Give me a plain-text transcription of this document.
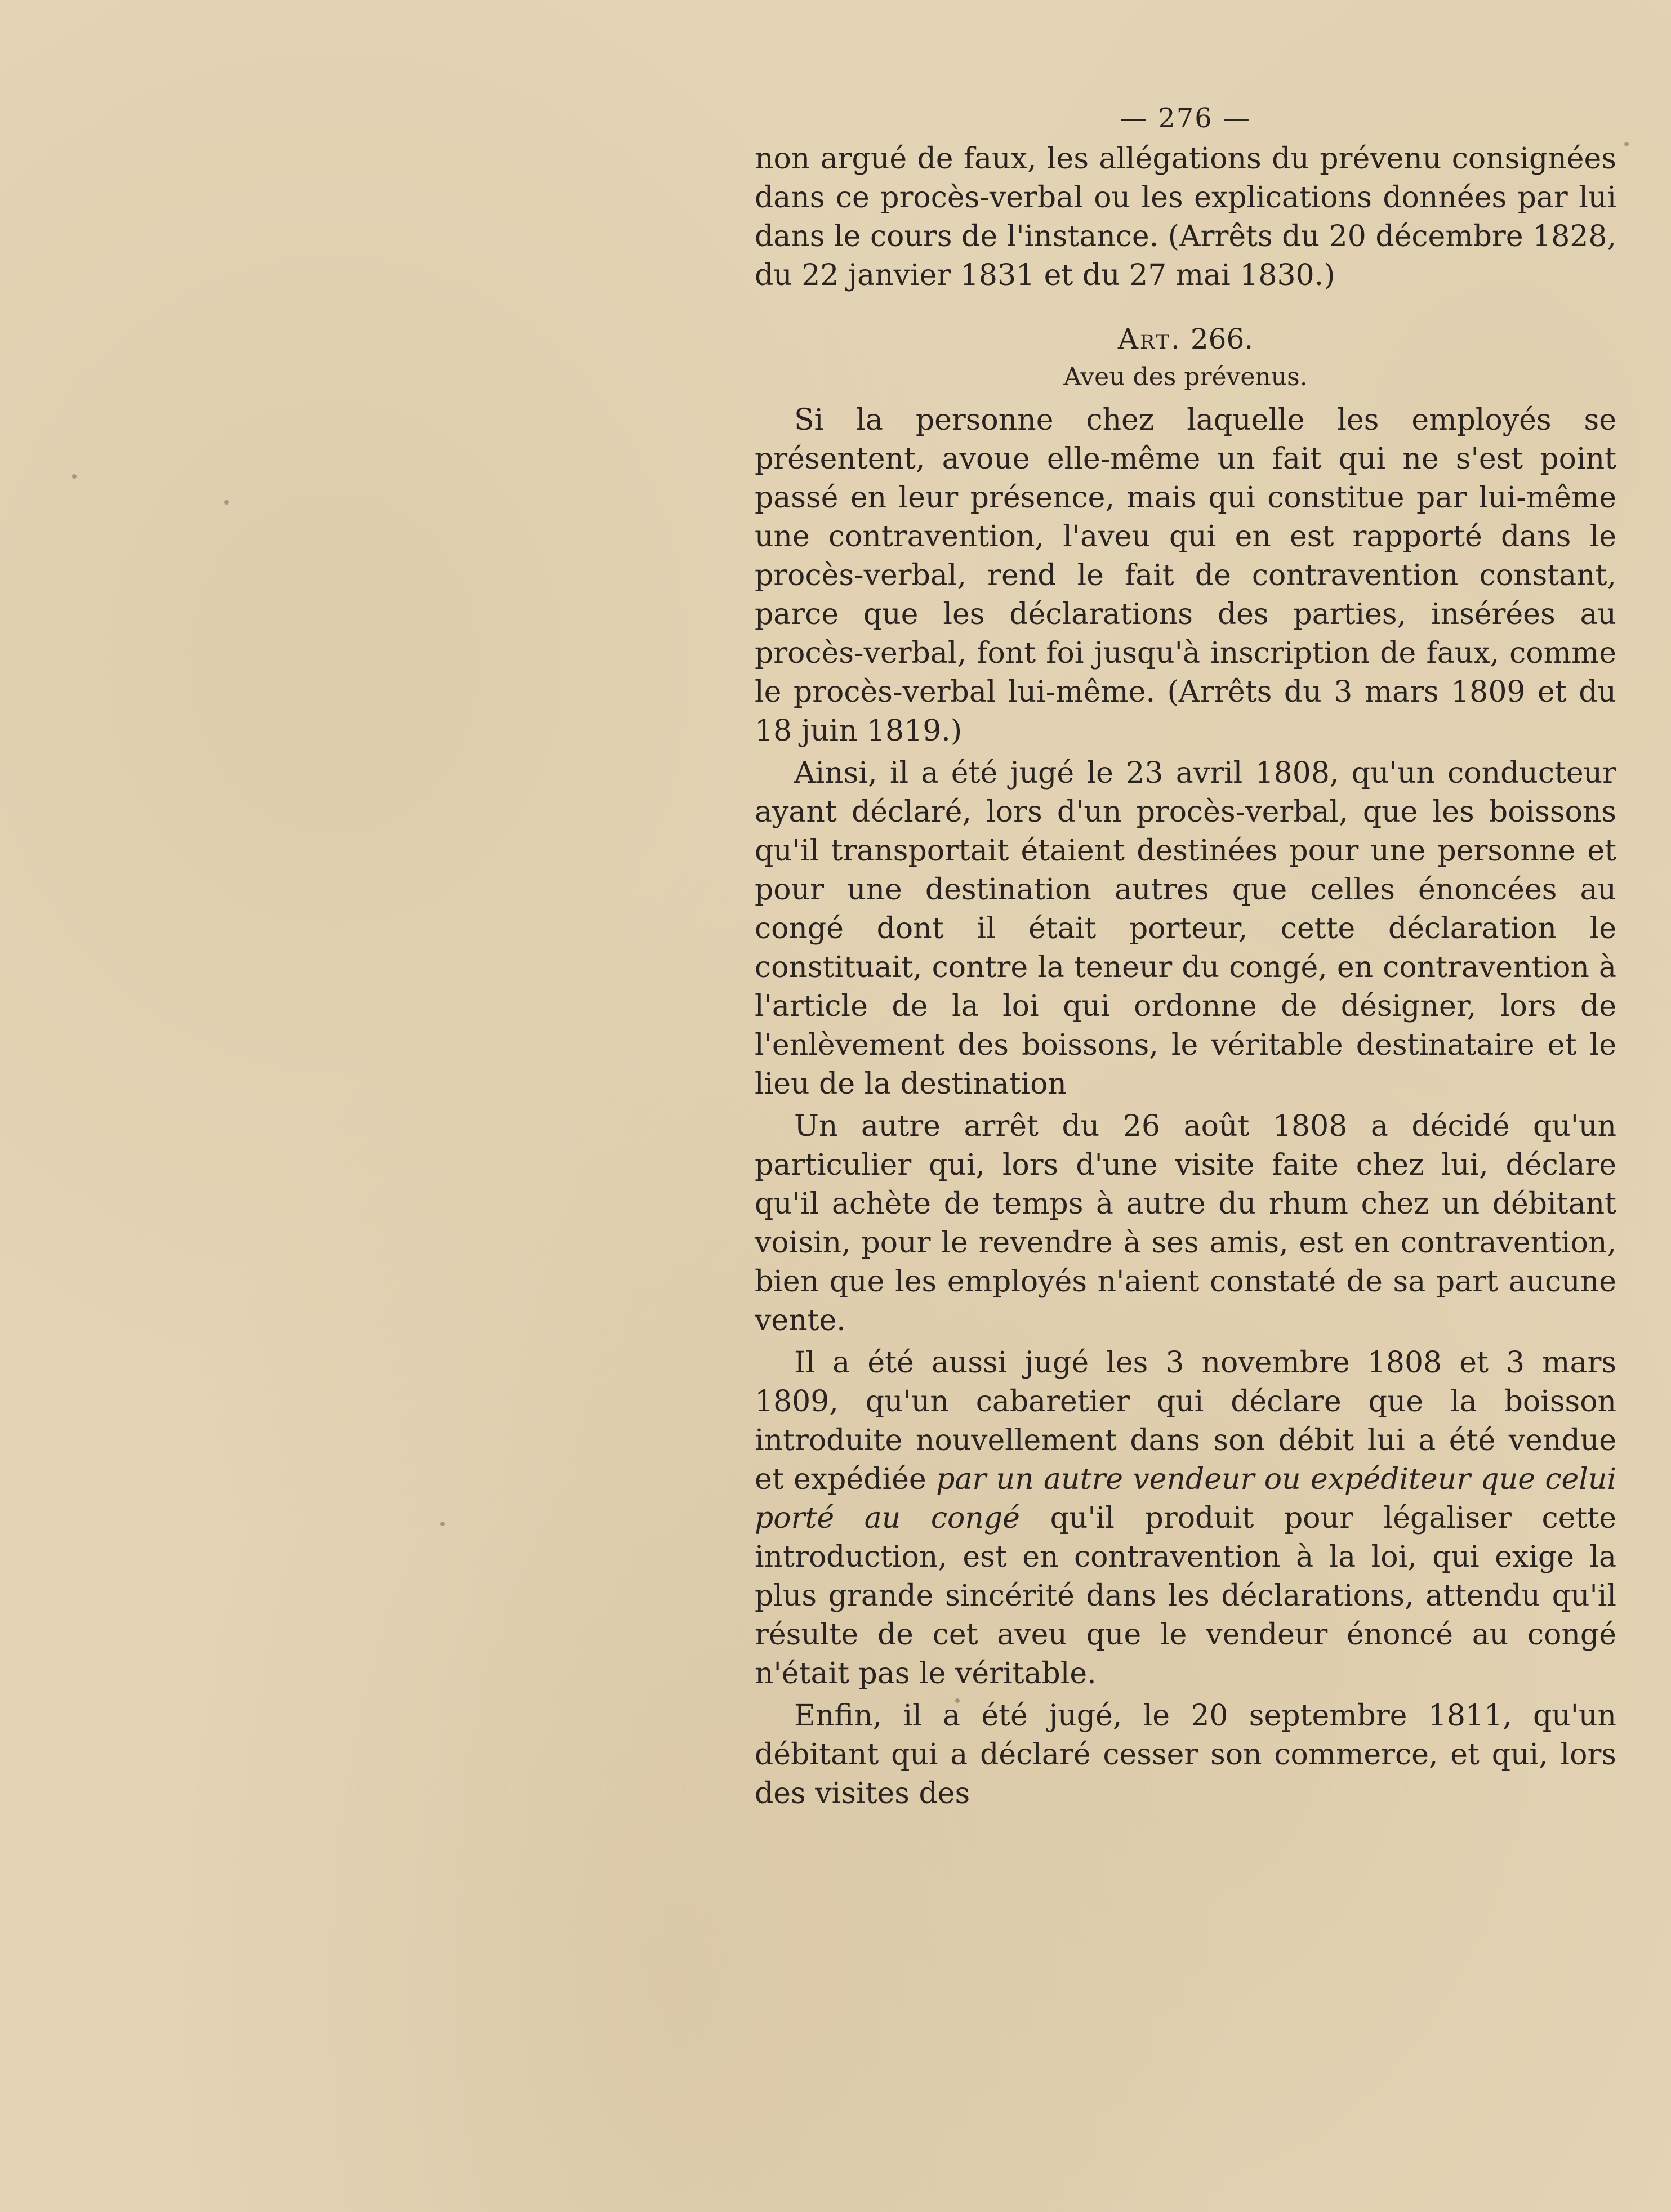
— 276 —

non argué de faux, les allégations du prévenu consignées dans ce procès-verbal ou les explications données par lui dans le cours de l'instance. (Arrêts du 20 décembre 1828, du 22 janvier 1831 et du 27 mai 1830.)

Art. 266.
Aveu des prévenus.

Si la personne chez laquelle les employés se présentent, avoue elle-même un fait qui ne s'est point passé en leur présence, mais qui constitue par lui-même une contravention, l'aveu qui en est rapporté dans le procès-verbal, rend le fait de contravention constant, parce que les déclarations des parties, insérées au procès-verbal, font foi jusqu'à inscription de faux, comme le procès-verbal lui-même. (Arrêts du 3 mars 1809 et du 18 juin 1819.)

Ainsi, il a été jugé le 23 avril 1808, qu'un conducteur ayant déclaré, lors d'un procès-verbal, que les boissons qu'il transportait étaient destinées pour une personne et pour une destination autres que celles énoncées au congé dont il était porteur, cette déclaration le constituait, contre la teneur du congé, en contravention à l'article de la loi qui ordonne de désigner, lors de l'enlèvement des boissons, le véritable destinataire et le lieu de la destination

Un autre arrêt du 26 août 1808 a décidé qu'un particulier qui, lors d'une visite faite chez lui, déclare qu'il achète de temps à autre du rhum chez un débitant voisin, pour le revendre à ses amis, est en contravention, bien que les employés n'aient constaté de sa part aucune vente.

Il a été aussi jugé les 3 novembre 1808 et 3 mars 1809, qu'un cabaretier qui déclare que la boisson introduite nouvellement dans son débit lui a été vendue et expédiée par un autre vendeur ou expéditeur que celui porté au congé qu'il produit pour légaliser cette introduction, est en contravention à la loi, qui exige la plus grande sincérité dans les déclarations, attendu qu'il résulte de cet aveu que le vendeur énoncé au congé n'était pas le véritable.

Enfin, il a été jugé, le 20 septembre 1811, qu'un débitant qui a déclaré cesser son commerce, et qui, lors des visites des
